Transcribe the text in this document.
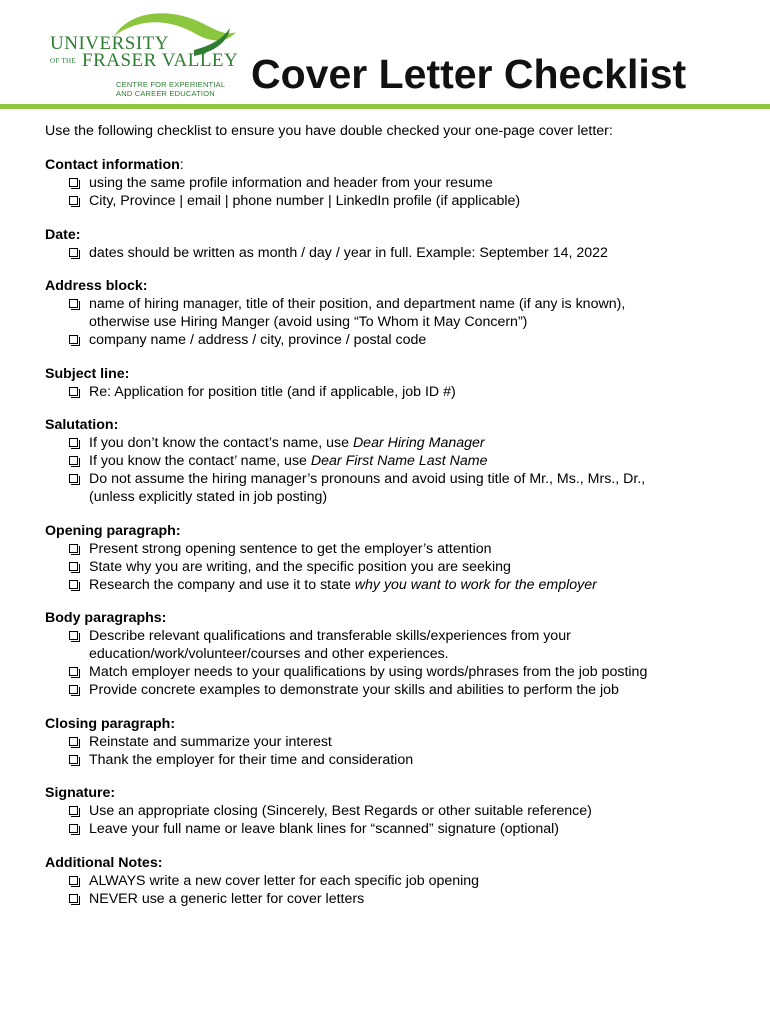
UNIVERSITY
OF THE FRASER VALLEY
CENTRE FOR EXPERIENTIAL
AND CAREER EDUCATION Cover Letter Checklist

Use the following checklist to ensure you have double checked your one-page cover letter:

Contact information:

using the same profile information and header from your resume
City, Province | email | phone number | LinkedIn profile (if applicable)

Date:

dates should be written as month / day / year in full. Example: September 14, 2022

Address block:

name of hiring manager, title of their position, and department name (if any is known),
otherwise use Hiring Manger (avoid using “To Whom it May Concern”)
company name / address / city, province / postal code

Subject line:

Re: Application for position title (and if applicable, job ID #)

Salutation:

If you don’t know the contact’s name, use Dear Hiring Manager
If you know the contact’ name, use Dear First Name Last Name
Do not assume the hiring manager’s pronouns and avoid using title of Mr., Ms., Mrs., Dr.,
(unless explicitly stated in job posting)

Opening paragraph:

Present strong opening sentence to get the employer’s attention
State why you are writing, and the specific position you are seeking
Research the company and use it to state why you want to work for the employer

Body paragraphs:

Describe relevant qualifications and transferable skills/experiences from your
education/work/volunteer/courses and other experiences.
Match employer needs to your qualifications by using words/phrases from the job posting
Provide concrete examples to demonstrate your skills and abilities to perform the job

Closing paragraph:

Reinstate and summarize your interest
Thank the employer for their time and consideration

Signature:

Use an appropriate closing (Sincerely, Best Regards or other suitable reference)
Leave your full name or leave blank lines for “scanned” signature (optional)

Additional Notes:

ALWAYS write a new cover letter for each specific job opening
NEVER use a generic letter for cover letters
